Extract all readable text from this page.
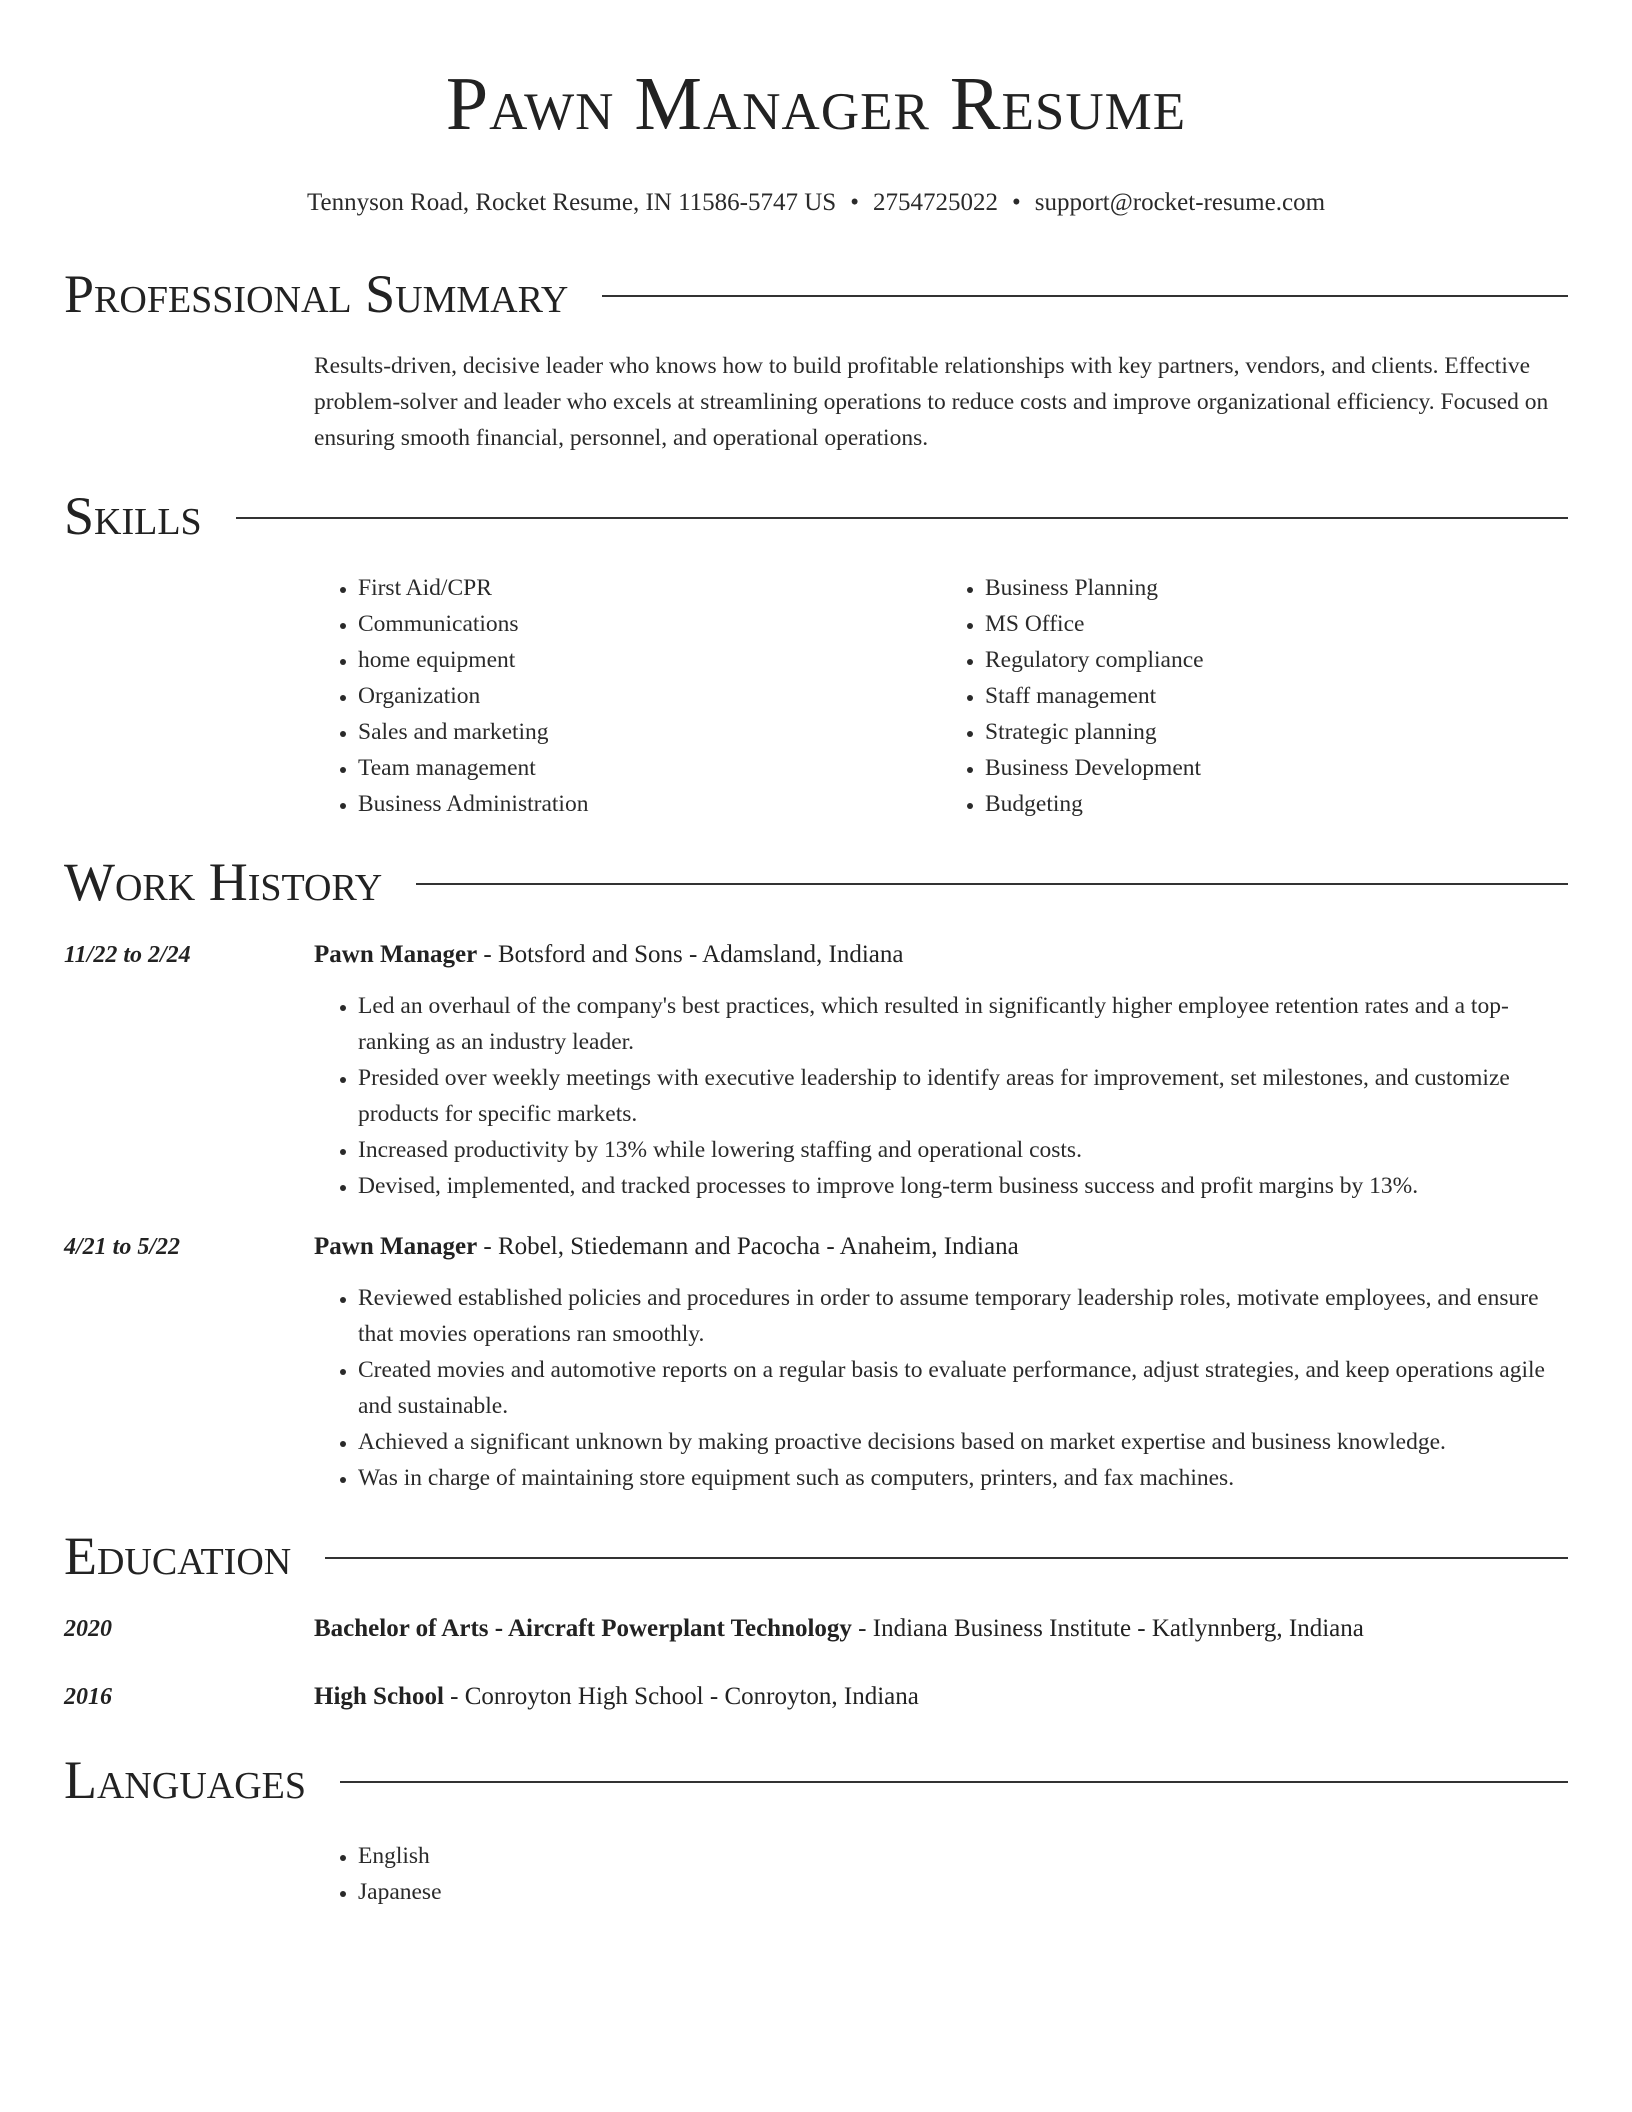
Pawn Manager Resume
Tennyson Road, Rocket Resume, IN 11586-5747 US • 2754725022 • support@rocket-resume.com
Professional Summary

Results-driven, decisive leader who knows how to build profitable relationships with key partners, vendors, and clients. Effective problem-solver and leader who excels at streamlining operations to reduce costs and improve organizational efficiency. Focused on ensuring smooth financial, personnel, and operational operations.

Skills
• First Aid/CPR
• Communications
• home equipment
• Organization
• Sales and marketing
• Team management
• Business Administration
• Business Planning
• MS Office
• Regulatory compliance
• Staff management
• Strategic planning
• Business Development
• Budgeting
Work History
11/22 to 2/24	Pawn Manager - Botsford and Sons - Adamsland, Indiana
• Led an overhaul of the company's best practices, which resulted in significantly higher employee retention rates and a top-ranking as an industry leader.
• Presided over weekly meetings with executive leadership to identify areas for improvement, set milestones, and customize products for specific markets.
• Increased productivity by 13% while lowering staffing and operational costs.
• Devised, implemented, and tracked processes to improve long-term business success and profit margins by 13%.
4/21 to 5/22	Pawn Manager - Robel, Stiedemann and Pacocha - Anaheim, Indiana
• Reviewed established policies and procedures in order to assume temporary leadership roles, motivate employees, and ensure that movies operations ran smoothly.
• Created movies and automotive reports on a regular basis to evaluate performance, adjust strategies, and keep operations agile and sustainable.
• Achieved a significant unknown by making proactive decisions based on market expertise and business knowledge.
• Was in charge of maintaining store equipment such as computers, printers, and fax machines.
Education
2020	Bachelor of Arts - Aircraft Powerplant Technology - Indiana Business Institute - Katlynnberg, Indiana
2016	High School - Conroyton High School - Conroyton, Indiana
Languages
• English
• Japanese
